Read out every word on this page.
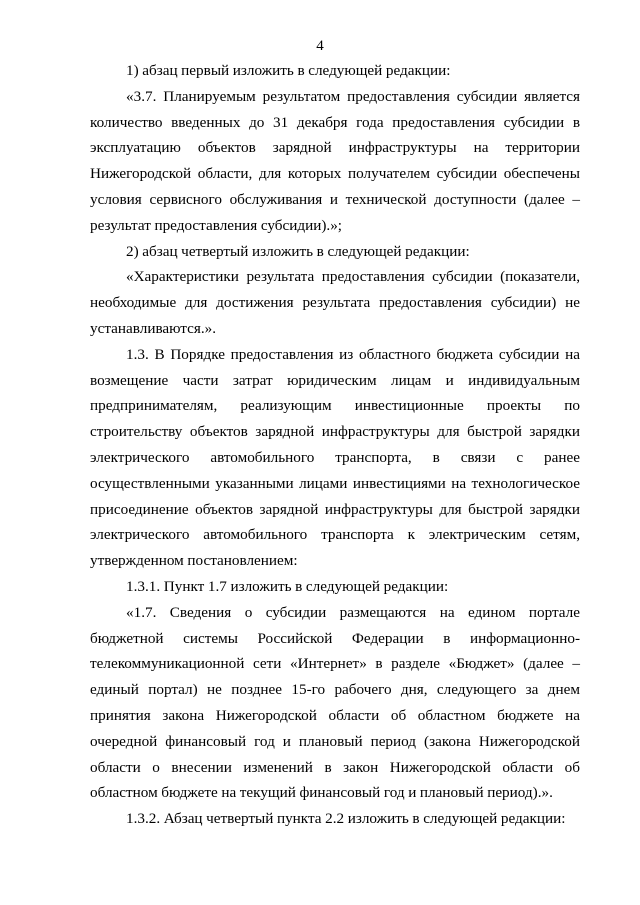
4

1) абзац первый изложить в следующей редакции:

«3.7. Планируемым результатом предоставления субсидии является количество введенных до 31 декабря года предоставления субсидии в эксплуатацию объектов зарядной инфраструктуры на территории Нижегородской области, для которых получателем субсидии обеспечены условия сервисного обслуживания и технической доступности (далее – результат предоставления субсидии).»;

2) абзац четвертый изложить в следующей редакции:

«Характеристики результата предоставления субсидии (показатели, необходимые для достижения результата предоставления субсидии) не устанавливаются.».

1.3. В Порядке предоставления из областного бюджета субсидии на возмещение части затрат юридическим лицам и индивидуальным предпринимателям, реализующим инвестиционные проекты по строительству объектов зарядной инфраструктуры для быстрой зарядки электрического автомобильного транспорта, в связи с ранее осуществленными указанными лицами инвестициями на технологическое присоединение объектов зарядной инфраструктуры для быстрой зарядки электрического автомобильного транспорта к электрическим сетям, утвержденном постановлением:

1.3.1. Пункт 1.7 изложить в следующей редакции:

«1.7. Сведения о субсидии размещаются на едином портале бюджетной системы Российской Федерации в информационно-телекоммуникационной сети «Интернет» в разделе «Бюджет» (далее – единый портал) не позднее 15-го рабочего дня, следующего за днем принятия закона Нижегородской области об областном бюджете на очередной финансовый год и плановый период (закона Нижегородской области о внесении изменений в закон Нижегородской области об областном бюджете на текущий финансовый год и плановый период).».

1.3.2. Абзац четвертый пункта 2.2 изложить в следующей редакции:
